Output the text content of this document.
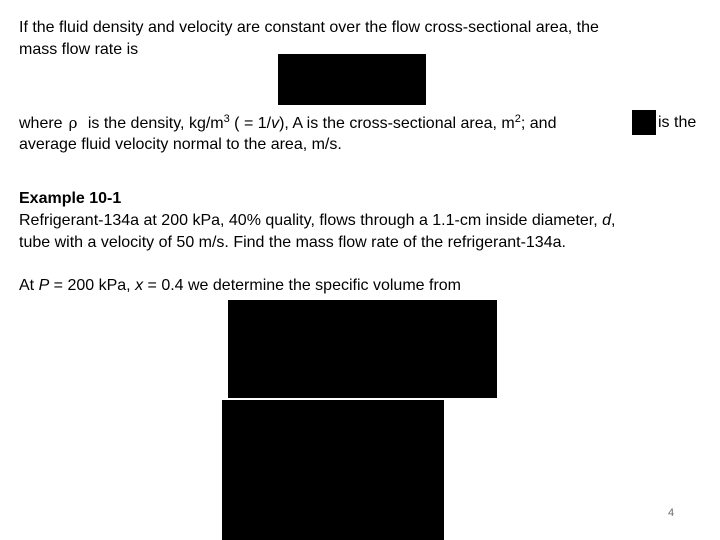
If the fluid density and velocity are constant over the flow cross-sectional area, the

mass flow rate is

where ρ is the density, $kg/m^3$ ( = 1/v), A is the cross-sectional area, $m^2$; and	is the

average fluid velocity normal to the area, m/s.

Example 10-1

Refrigerant-134a at 200 kPa, 40% quality, flows through a 1.1-cm inside diameter, d,

tube with a velocity of 50 m/s. Find the mass flow rate of the refrigerant-134a.

At P = 200 kPa, x = 0.4 we determine the specific volume from

4
